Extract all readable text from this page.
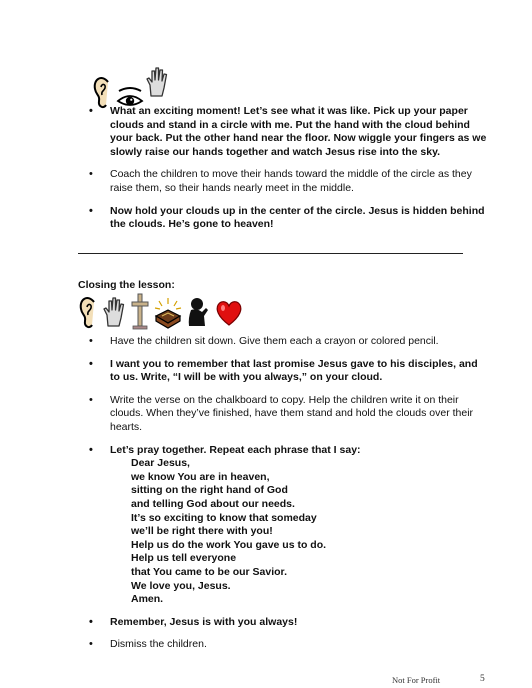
• What an exciting moment! Let’s see what it was like. Pick up your paper clouds and stand in a circle with me. Put the hand with the cloud behind your back. Put the other hand near the floor. Now wiggle your fingers as we slowly raise our hands together and watch Jesus rise into the sky.
• Coach the children to move their hands toward the middle of the circle as they raise them, so their hands nearly meet in the middle.
• Now hold your clouds up in the center of the circle. Jesus is hidden behind the clouds. He’s gone to heaven!
Closing the lesson:
• Have the children sit down. Give them each a crayon or colored pencil.
• I want you to remember that last promise Jesus gave to his disciples, and to us. Write, “I will be with you always,” on your cloud.
• Write the verse on the chalkboard to copy. Help the children write it on their clouds. When they’ve finished, have them stand and hold the clouds over their hearts.
• Let’s pray together. Repeat each phrase that I say:
Dear Jesus,
we know You are in heaven,
sitting on the right hand of God
and telling God about our needs.
It’s so exciting to know that someday
we’ll be right there with you!
Help us do the work You gave us to do.
Help us tell everyone
that You came to be our Savior.
We love you, Jesus.
Amen.
• Remember, Jesus is with you always!
• Dismiss the children.
Not For Profit	5
